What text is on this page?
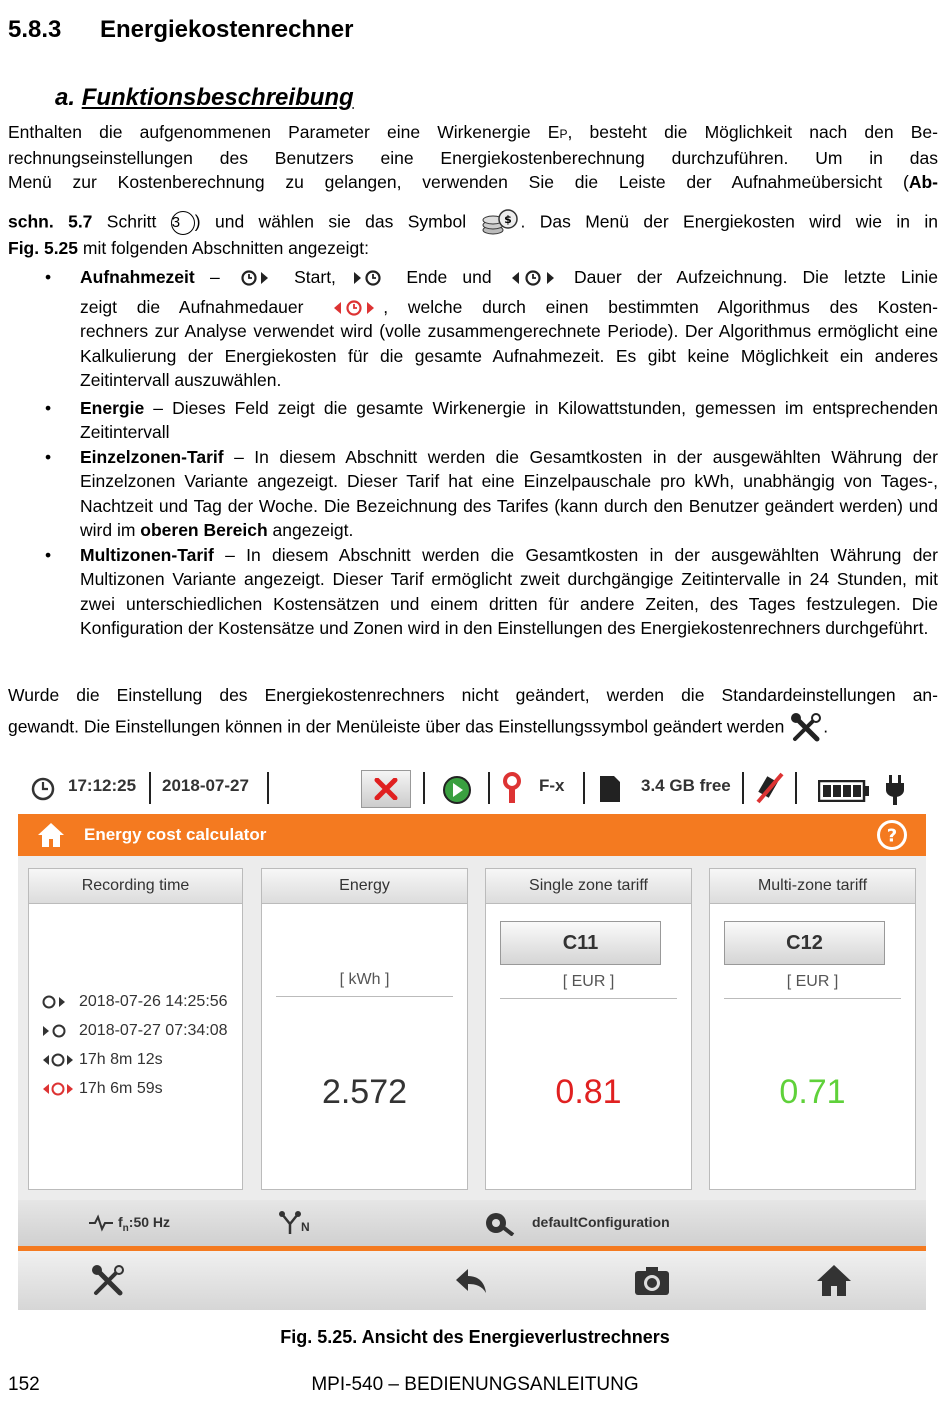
5.8.3 Energiekostenrechner
a. Funktionsbeschreibung
Enthalten die aufgenommenen Parameter eine Wirkenergie EP, besteht die Möglichkeit nach den Be-
rechnungseinstellungen des Benutzers eine Energiekostenberechnung durchzuführen. Um in das
Menü zur Kostenberechnung zu gelangen, verwenden Sie die Leiste der Aufnahmeübersicht (Ab-
schn. 5.7 Schritt 3 ) und wählen sie das Symbol $ . Das Menü der Energiekosten wird wie in in
Fig. 5.25 mit folgenden Abschnitten angezeigt:
• Aufnahmezeit –	Start,  Ende und	Dauer der Aufzeichnung. Die letzte Linie
zeigt die Aufnahmedauer	, welche durch einen bestimmten Algorithmus des Kosten-
rechners zur Analyse verwendet wird (volle zusammengerechnete Periode). Der Algorithmus ermöglicht eine Kalkulierung der Energiekosten für die gesamte Aufnahmezeit. Es gibt keine Möglichkeit ein anderes Zeitintervall auszuwählen.
• Energie – Dieses Feld zeigt die gesamte Wirkenergie in Kilowattstunden, gemessen im entsprechenden Zeitintervall
• Einzelzonen-Tarif – In diesem Abschnitt werden die Gesamtkosten in der ausgewählten Währung der Einzelzonen Variante angezeigt. Dieser Tarif hat eine Einzelpauschale pro kWh, unabhängig von Tages-, Nachtzeit und Tag der Woche. Die Bezeichnung des Tarifes (kann durch den Benutzer geändert werden) und wird im oberen Bereich angezeigt.
• Multizonen-Tarif – In diesem Abschnitt werden die Gesamtkosten in der ausgewählten Währung der Multizonen Variante angezeigt. Dieser Tarif ermöglicht zweit durchgängige Zeitintervalle in 24 Stunden, mit zwei unterschiedlichen Kostensätzen und einem dritten für andere Zeiten, des Tages festzulegen. Die Konfiguration der Kostensätze und Zonen wird in den Einstellungen des Energiekostenrechners durchgeführt.
Wurde die Einstellung des Energiekostenrechners nicht geändert, werden die Standardeinstellungen an-
gewandt. Die Einstellungen können in der Menüleiste über das Einstellungssymbol geändert werden .
17:12:25 2018-07-27	F-x	3.4 GB free
Energy cost calculator	?
Recording time
2018-07-26 14:25:56
2018-07-27 07:34:08
17h 8m 12s
17h 6m 59s
Energy
[ kWh ]
2.572
Single zone tariff
C11
[ EUR ]
0.81
Multi-zone tariff
C12
[ EUR ]
0.71
$f_n:50$ Hz	N	defaultConfiguration
Fig. 5.25. Ansicht des Energieverlustrechners
MPI-540 – BEDIENUNGSANLEITUNG
152
